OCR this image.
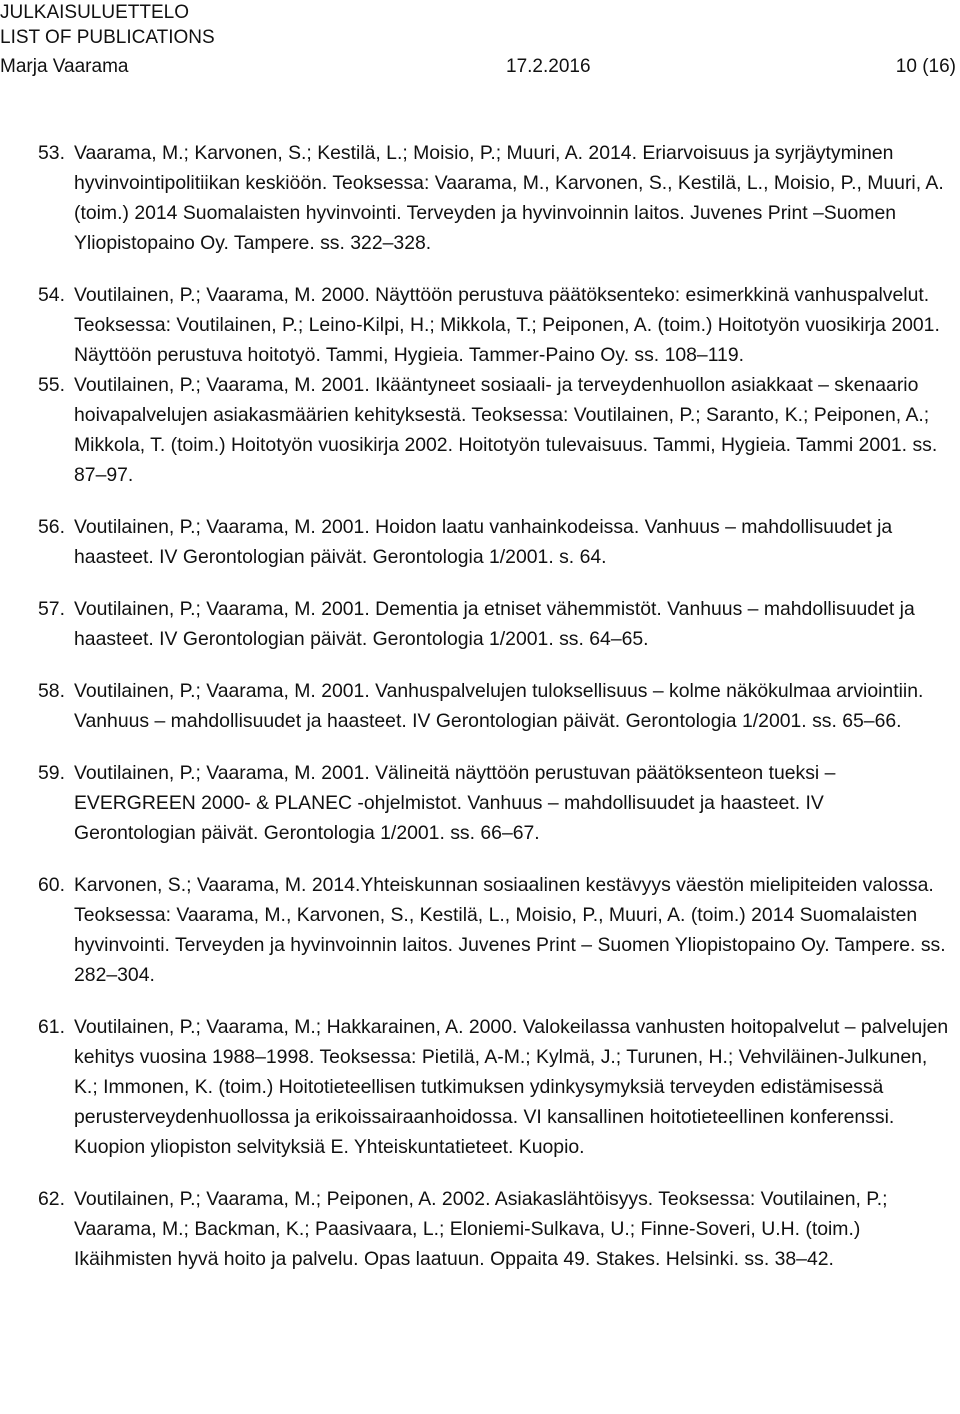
JULKAISULUETTELO
LIST OF PUBLICATIONS
Marja Vaarama	17.2.2016	10 (16)
53. Vaarama, M.; Karvonen, S.; Kestilä, L.; Moisio, P.; Muuri, A. 2014. Eriarvoisuus ja syrjäytyminen hyvinvointipolitiikan keskiöön. Teoksessa: Vaarama, M., Karvonen, S., Kestilä, L., Moisio, P., Muuri, A. (toim.) 2014 Suomalaisten hyvinvointi. Terveyden ja hyvinvoinnin laitos. Juvenes Print –Suomen Yliopistopaino Oy. Tampere. ss. 322‒328.
54. Voutilainen, P.; Vaarama, M. 2000. Näyttöön perustuva päätöksenteko: esimerkkinä vanhuspalvelut. Teoksessa: Voutilainen, P.; Leino-Kilpi, H.; Mikkola, T.; Peiponen, A. (toim.) Hoitotyön vuosikirja 2001. Näyttöön perustuva hoitotyö. Tammi, Hygieia. Tammer-Paino Oy. ss. 108‒119.
55. Voutilainen, P.; Vaarama, M. 2001. Ikääntyneet sosiaali- ja terveydenhuollon asiakkaat – skenaario hoivapalvelujen asiakasmäärien kehityksestä. Teoksessa: Voutilainen, P.; Saranto, K.; Peiponen, A.; Mikkola, T. (toim.) Hoitotyön vuosikirja 2002. Hoitotyön tulevaisuus. Tammi, Hygieia. Tammi 2001. ss. 87‒97.
56. Voutilainen, P.; Vaarama, M. 2001. Hoidon laatu vanhainkodeissa. Vanhuus – mahdollisuudet ja haasteet. IV Gerontologian päivät. Gerontologia 1/2001. s. 64.
57. Voutilainen, P.; Vaarama, M. 2001. Dementia ja etniset vähemmistöt. Vanhuus – mahdollisuudet ja haasteet. IV Gerontologian päivät. Gerontologia 1/2001. ss. 64‒65.
58. Voutilainen, P.; Vaarama, M. 2001. Vanhuspalvelujen tuloksellisuus – kolme näkökulmaa arviointiin. Vanhuus – mahdollisuudet ja haasteet. IV Gerontologian päivät. Gerontologia 1/2001. ss. 65‒66.
59. Voutilainen, P.; Vaarama, M. 2001. Välineitä näyttöön perustuvan päätöksenteon tueksi – EVERGREEN 2000- & PLANEC -ohjelmistot. Vanhuus – mahdollisuudet ja haasteet. IV Gerontologian päivät. Gerontologia 1/2001. ss. 66‒67.
60. Karvonen, S.; Vaarama, M. 2014.Yhteiskunnan sosiaalinen kestävyys väestön mielipiteiden valossa. Teoksessa: Vaarama, M., Karvonen, S., Kestilä, L., Moisio, P., Muuri, A. (toim.) 2014 Suomalaisten hyvinvointi. Terveyden ja hyvinvoinnin laitos. Juvenes Print – Suomen Yliopistopaino Oy. Tampere. ss. 282‒304.
61. Voutilainen, P.; Vaarama, M.; Hakkarainen, A. 2000. Valokeilassa vanhusten hoitopalvelut – palvelujen kehitys vuosina 1988‒1998. Teoksessa: Pietilä, A-M.; Kylmä, J.; Turunen, H.; Vehviläinen-Julkunen, K.; Immonen, K. (toim.) Hoitotieteellisen tutkimuksen ydinkysymyksiä terveyden edistämisessä perusterveydenhuollossa ja erikoissairaanhoidossa. VI kansallinen hoitotieteellinen konferenssi. Kuopion yliopiston selvityksiä E. Yhteiskuntatieteet. Kuopio.
62. Voutilainen, P.; Vaarama, M.; Peiponen, A. 2002. Asiakaslähtöisyys. Teoksessa: Voutilainen, P.; Vaarama, M.; Backman, K.; Paasivaara, L.; Eloniemi-Sulkava, U.; Finne-Soveri, U.H. (toim.) Ikäihmisten hyvä hoito ja palvelu. Opas laatuun. Oppaita 49. Stakes. Helsinki. ss. 38‒42.
